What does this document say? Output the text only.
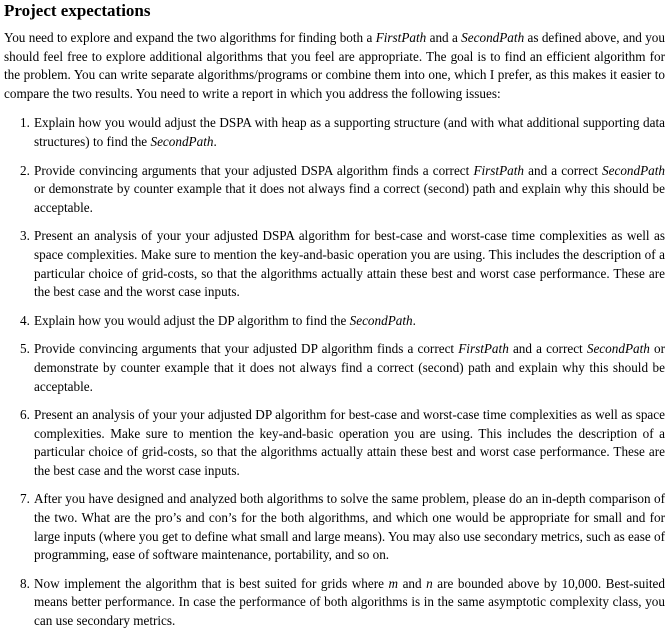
Project expectations

You need to explore and expand the two algorithms for finding both a FirstPath and a SecondPath as defined above, and you should feel free to explore additional algorithms that you feel are appropriate. The goal is to find an efficient algorithm for the problem. You can write separate algorithms/programs or combine them into one, which I prefer, as this makes it easier to compare the two results. You need to write a report in which you address the following issues:

1. Explain how you would adjust the DSPA with heap as a supporting structure (and with what additional supporting data structures) to find the SecondPath.
2. Provide convincing arguments that your adjusted DSPA algorithm finds a correct FirstPath and a correct SecondPath or demonstrate by counter example that it does not always find a correct (second) path and explain why this should be acceptable.
3. Present an analysis of your your adjusted DSPA algorithm for best-case and worst-case time complexities as well as space complexities. Make sure to mention the key-and-basic operation you are using. This includes the description of a particular choice of grid-costs, so that the algorithms actually attain these best and worst case performance. These are the best case and the worst case inputs.
4. Explain how you would adjust the DP algorithm to find the SecondPath.
5. Provide convincing arguments that your adjusted DP algorithm finds a correct FirstPath and a correct SecondPath or demonstrate by counter example that it does not always find a correct (second) path and explain why this should be acceptable.
6. Present an analysis of your your adjusted DP algorithm for best-case and worst-case time complexities as well as space complexities. Make sure to mention the key-and-basic operation you are using. This includes the description of a particular choice of grid-costs, so that the algorithms actually attain these best and worst case performance. These are the best case and the worst case inputs.
7. After you have designed and analyzed both algorithms to solve the same problem, please do an in-depth comparison of the two. What are the pro’s and con’s for the both algorithms, and which one would be appropriate for small and for large inputs (where you get to define what small and large means). You may also use secondary metrics, such as ease of programming, ease of software maintenance, portability, and so on.
8. Now implement the algorithm that is best suited for grids where m and n are bounded above by 10,000. Best-suited means better performance. In case the performance of both algorithms is in the same asymptotic complexity class, you can use secondary metrics.
